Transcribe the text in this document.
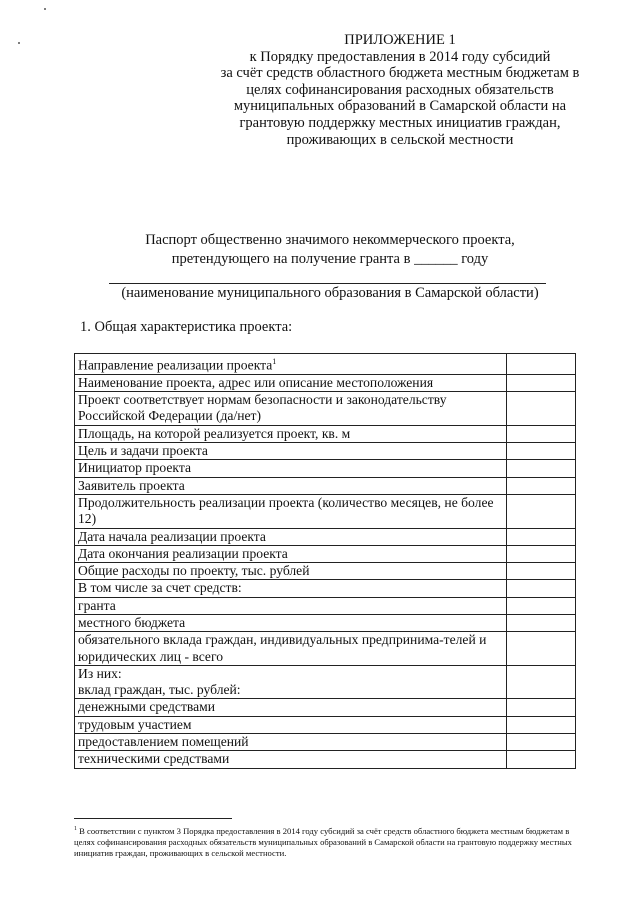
ПРИЛОЖЕНИЕ 1
к Порядку предоставления в 2014 году субсидий
за счёт средств областного бюджета местным бюджетам в
целях софинансирования расходных обязательств
муниципальных образований в Самарской области на
грантовую поддержку местных инициатив граждан,
проживающих в сельской местности
Паспорт общественно значимого некоммерческого проекта,
претендующего на получение гранта в ______ году
(наименование муниципального образования в Самарской области)
1. Общая характеристика проекта:
Направление реализации проекта$^1$	
Наименование проекта, адрес или описание местоположения	
Проект соответствует нормам безопасности и законодательству Российской Федерации (да/нет)	
Площадь, на которой реализуется проект, кв. м	
Цель и задачи проекта	
Инициатор проекта	
Заявитель проекта	
Продолжительность реализации проекта (количество месяцев, не более 12)	
Дата начала реализации проекта	
Дата окончания реализации проекта	
Общие расходы по проекту, тыс. рублей	
В том числе за счет средств:	
гранта	
местного бюджета	
обязательного вклада граждан, индивидуальных предпринима-телей и юридических лиц - всего	
Из них:
вклад граждан, тыс. рублей:	
денежными средствами	
трудовым участием	
предоставлением помещений	
техническими средствами	
$^1$ В соответствии с пунктом 3 Порядка предоставления в 2014 году субсидий за счёт средств областного бюджета местным бюджетам в целях софинансирования расходных обязательств муниципальных образований в Самарской области на грантовую поддержку местных инициатив граждан, проживающих в сельской местности.
